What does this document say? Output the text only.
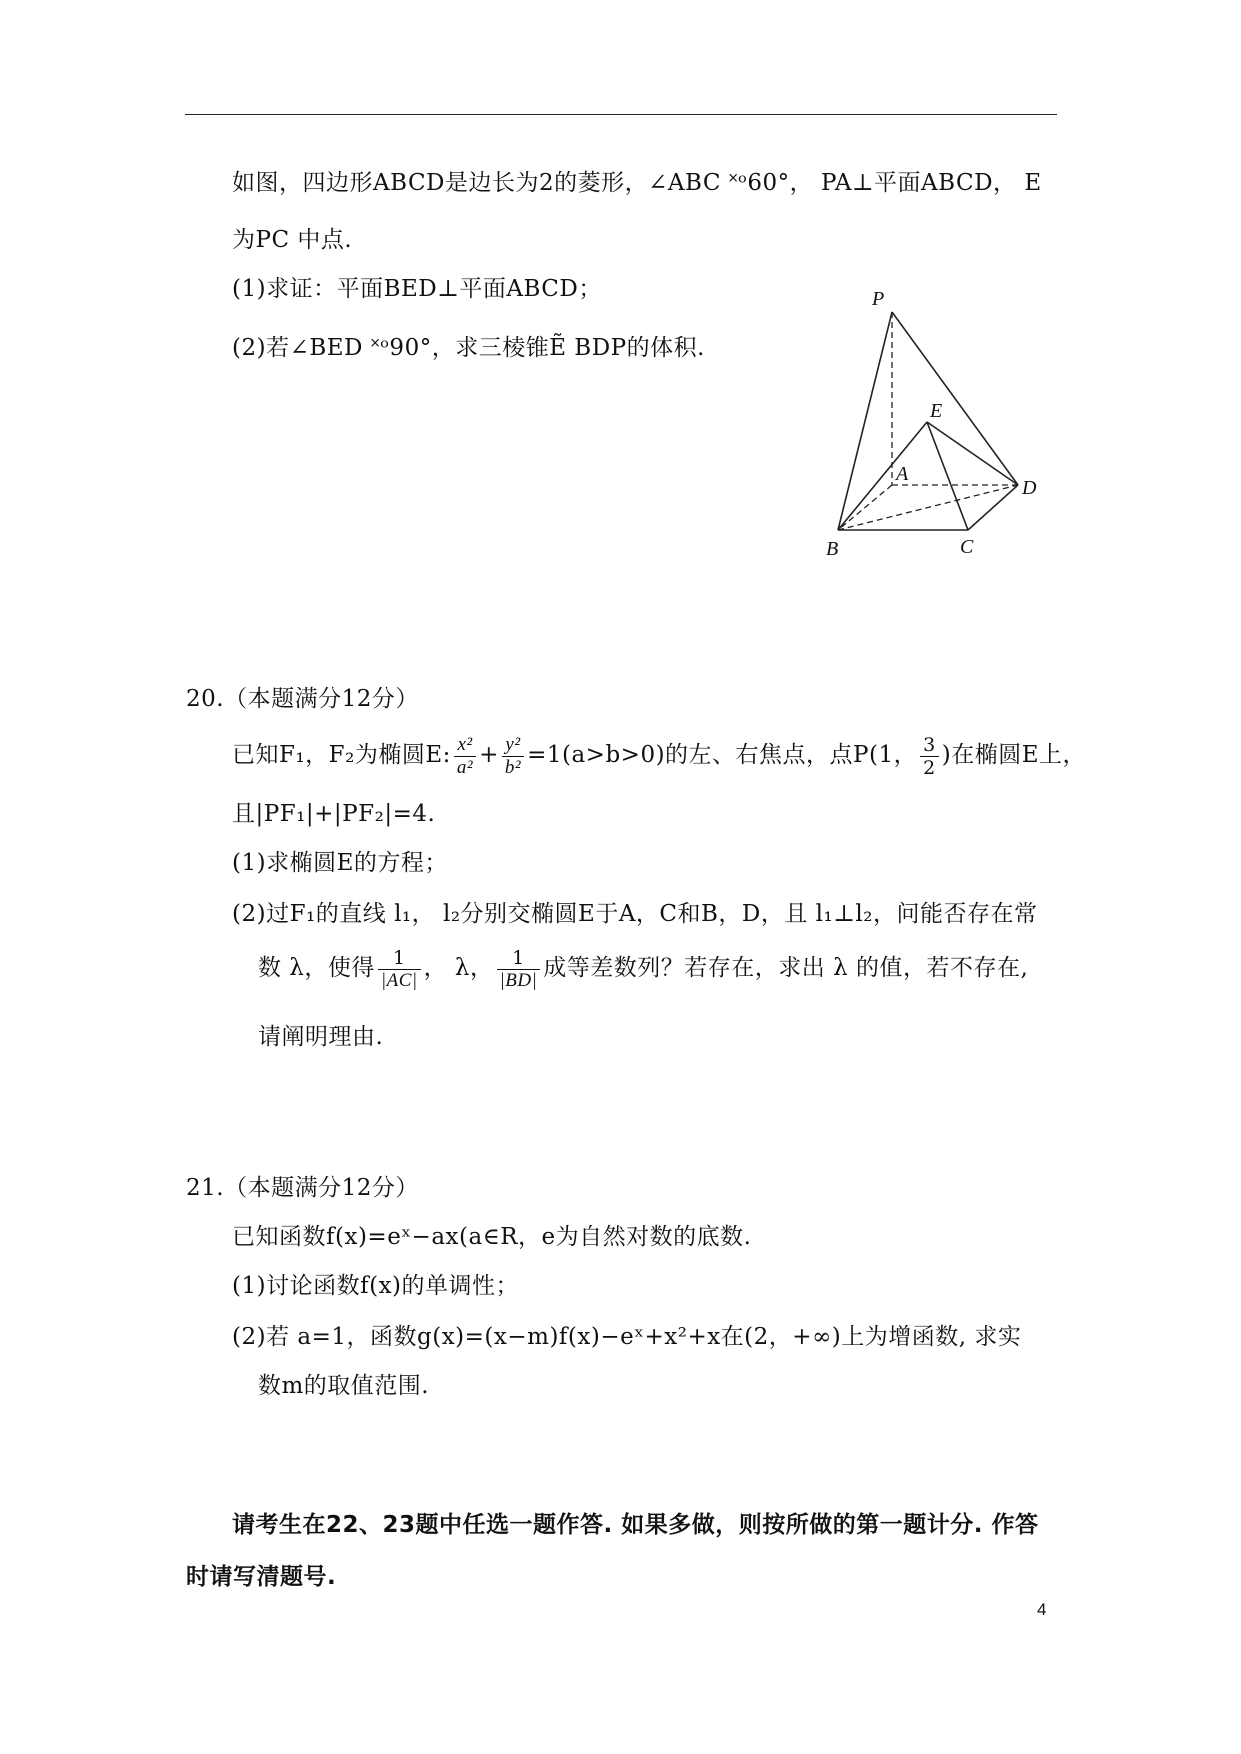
如图，四边形ABCD是边长为2的菱形，∠ABC ˟ᵒ60°， PA⊥平面ABCD， E
为PC 中点.
(1)求证：平面BED⊥平面ABCD；
(2)若∠BED ˟ᵒ90°，求三棱锥Ẽ BDP的体积.
P
E
A
D
B	C
20.（本题满分12分）
已知F₁，F₂为椭圆E: $\frac{\text{x²}}{\text{a²}} + \frac{\text{y²}}{\text{b²}} =1(a>b>0)$的左、右焦点，点P(1， $\frac{3}{2}$ )在椭圆E上，
且|PF₁|+|PF₂|=4.
(1)求椭圆E的方程；
(2)过F₁的直线 l₁， l₂分别交椭圆E于A，C和B，D，且 l₁⊥l₂，问能否存在常
数 λ，使得 $\frac{1}{|AC|}$ ， λ， $\frac{1}{|BD|}$ 成等差数列？若存在，求出 λ 的值，若不存在,
请阐明理由.
21.（本题满分12分）
已知函数f(x)=eˣ−ax(a∈R，e为自然对数的底数.
(1)讨论函数f(x)的单调性；
(2)若 a=1，函数g(x)=(x−m)f(x)−eˣ+x²+x在(2，+∞)上为增函数, 求实
数m的取值范围.
请考生在22、23题中任选一题作答. 如果多做，则按所做的第一题计分. 作答
时请写清题号.
4
